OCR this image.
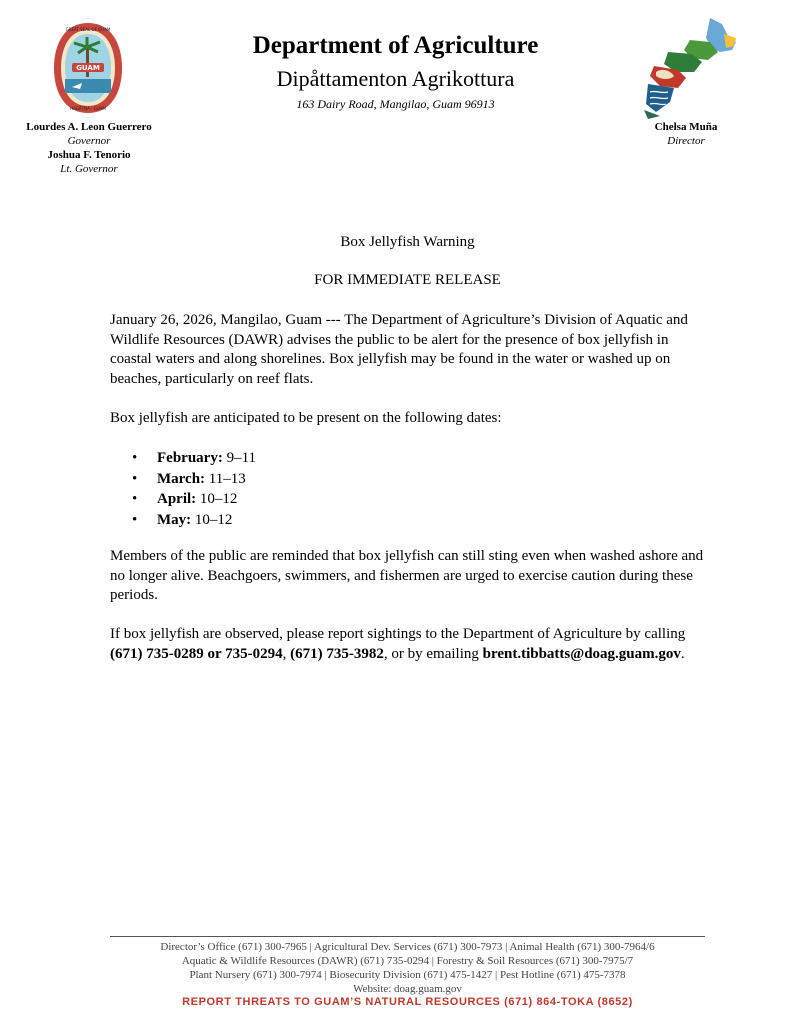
GUAM
GREAT SEAL OF GUAM
HAGÅTÑA · GUAM
Department of Agriculture
Dipåttamenton Agrikottura
163 Dairy Road, Mangilao, Guam 96913
Lourdes A. Leon Guerrero
Governor
Joshua F. Tenorio
Lt. Governor
Chelsa Muña
Director
Box Jellyfish Warning
FOR IMMEDIATE RELEASE
January 26, 2026, Mangilao, Guam --- The Department of Agriculture’s Division of Aquatic and Wildlife Resources (DAWR) advises the public to be alert for the presence of box jellyfish in coastal waters and along shorelines. Box jellyfish may be found in the water or washed up on beaches, particularly on reef flats.
Box jellyfish are anticipated to be present on the following dates:
• February: 9–11
• March: 11–13
• April: 10–12
• May: 10–12
Members of the public are reminded that box jellyfish can still sting even when washed ashore and no longer alive. Beachgoers, swimmers, and fishermen are urged to exercise caution during these periods.
If box jellyfish are observed, please report sightings to the Department of Agriculture by calling (671) 735-0289 or 735-0294, (671) 735-3982, or by emailing brent.tibbatts@doag.guam.gov.
Director’s Office (671) 300-7965 | Agricultural Dev. Services (671) 300-7973 | Animal Health (671) 300-7964/6
Aquatic & Wildlife Resources (DAWR) (671) 735-0294 | Forestry & Soil Resources (671) 300-7975/7
Plant Nursery (671) 300-7974 | Biosecurity Division (671) 475-1427 | Pest Hotline (671) 475-7378
Website: doag.guam.gov
REPORT THREATS TO GUAM’S NATURAL RESOURCES (671) 864-TOKA (8652)
